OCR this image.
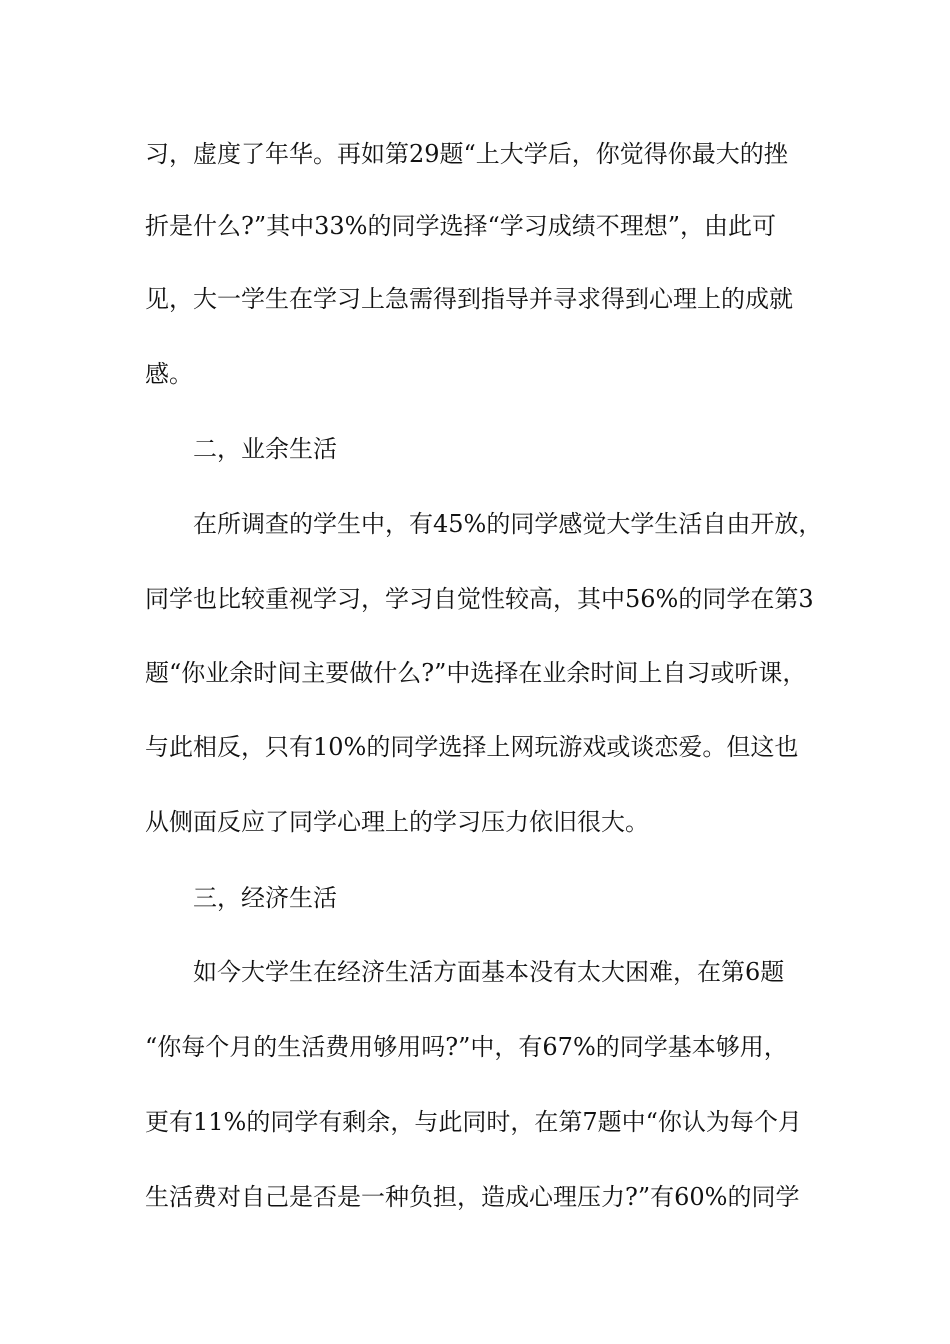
习，虚度了年华。再如第29题“上大学后，你觉得你最大的挫
折是什么?”其中33%的同学选择“学习成绩不理想”，由此可
见，大一学生在学习上急需得到指导并寻求得到心理上的成就
感。
二，业余生活
在所调查的学生中，有45%的同学感觉大学生活自由开放，
同学也比较重视学习，学习自觉性较高，其中56%的同学在第3
题“你业余时间主要做什么?”中选择在业余时间上自习或听课，
与此相反，只有10%的同学选择上网玩游戏或谈恋爱。但这也
从侧面反应了同学心理上的学习压力依旧很大。
三，经济生活
如今大学生在经济生活方面基本没有太大困难，在第6题
“你每个月的生活费用够用吗?”中，有67%的同学基本够用，
更有11%的同学有剩余，与此同时，在第7题中“你认为每个月
生活费对自己是否是一种负担，造成心理压力?”有60%的同学
